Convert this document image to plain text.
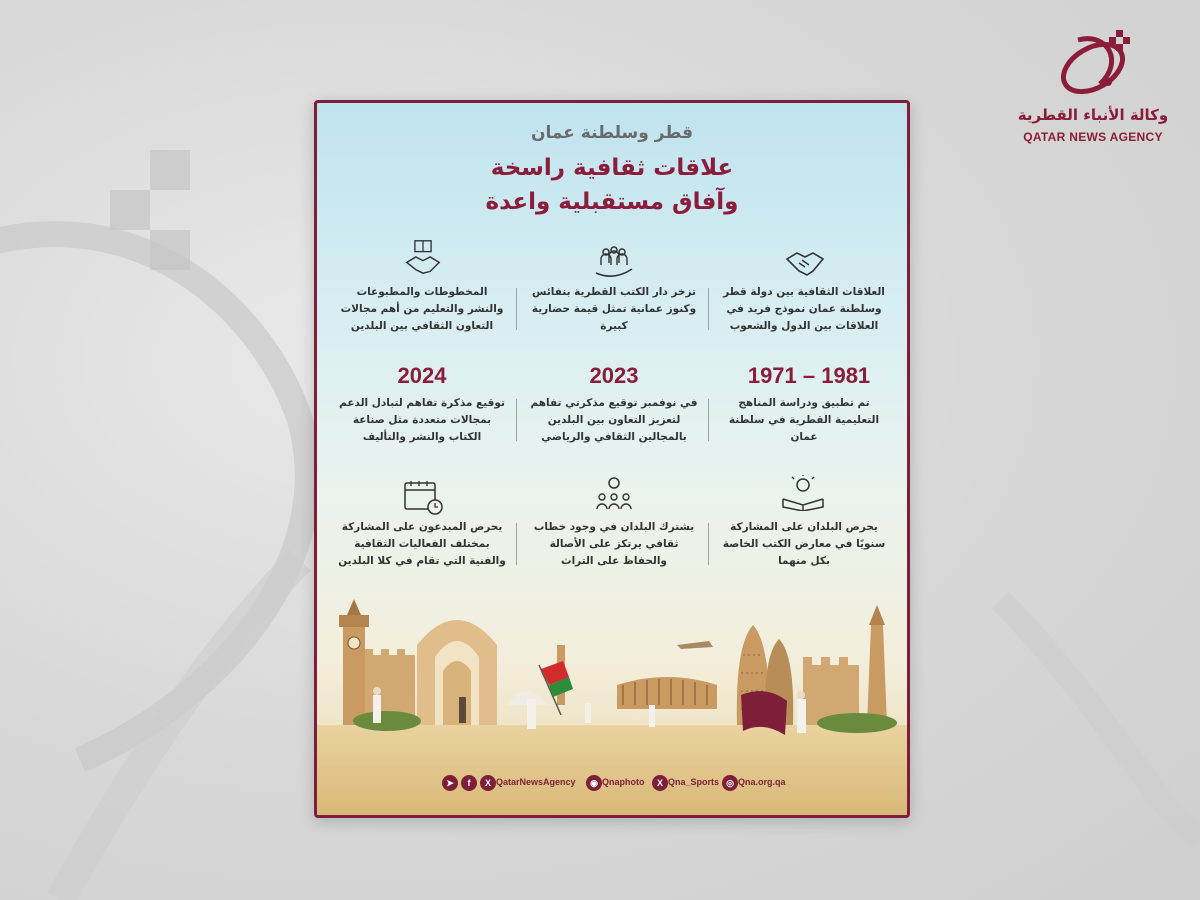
وكالة الأنباء القطرية
QATAR NEWS AGENCY
قطر وسلطنة عمان
علاقات ثقافية راسخة
وآفاق مستقبلية واعدة
العلاقات الثقافية بين دولة قطر وسلطنة عمان نموذج فريد في العلاقات بين الدول والشعوب
تزخر دار الكتب القطرية بنفائس وكنوز عمانية تمثل قيمة حضارية كبيرة
المخطوطات والمطبوعات والنشر والتعليم من أهم مجالات التعاون الثقافي بين البلدين
1971 – 1981
2023
2024
تم تطبيق ودراسة المناهج التعليمية القطرية في سلطنة عمان
في نوفمبر توقيع مذكرتي تفاهم لتعزيز التعاون بين البلدين بالمجالين الثقافي والرياضي
توقيع مذكرة تفاهم لتبادل الدعم بمجالات متعددة مثل صناعة الكتاب والنشر والتأليف
يحرص البلدان على المشاركة سنويًا في معارض الكتب الخاصة بكل منهما
يشترك البلدان في وجود خطاب ثقافي يرتكز على الأصالة والحفاظ على التراث
يحرص المبدعون على المشاركة بمختلف الفعاليات الثقافية والفنية التي تقام في كلا البلدين
◎ Qna.org.qa
X Qna_Sports
◉ Qnaphoto
➤ f X QatarNewsAgency
